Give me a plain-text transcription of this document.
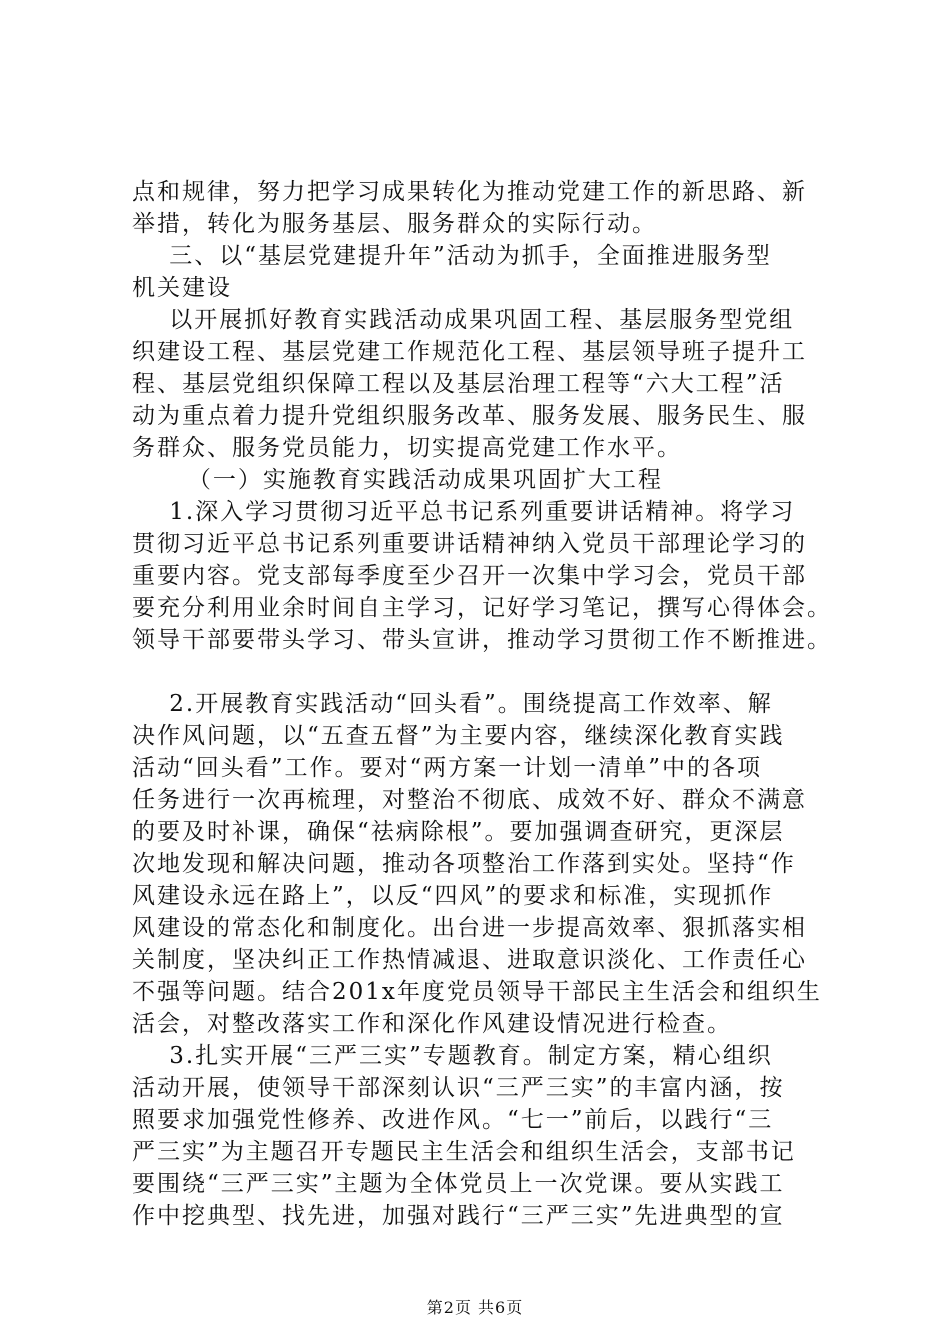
点和规律，努力把学习成果转化为推动党建工作的新思路、新
举措，转化为服务基层、服务群众的实际行动。
三、以“基层党建提升年”活动为抓手，全面推进服务型
机关建设
以开展抓好教育实践活动成果巩固工程、基层服务型党组
织建设工程、基层党建工作规范化工程、基层领导班子提升工
程、基层党组织保障工程以及基层治理工程等“六大工程”活
动为重点着力提升党组织服务改革、服务发展、服务民生、服
务群众、服务党员能力，切实提高党建工作水平。
（一）实施教育实践活动成果巩固扩大工程
1.深入学习贯彻习近平总书记系列重要讲话精神。将学习
贯彻习近平总书记系列重要讲话精神纳入党员干部理论学习的
重要内容。党支部每季度至少召开一次集中学习会，党员干部
要充分利用业余时间自主学习，记好学习笔记，撰写心得体会。
领导干部要带头学习、带头宣讲，推动学习贯彻工作不断推进。
2.开展教育实践活动“回头看”。围绕提高工作效率、解
决作风问题，以“五查五督”为主要内容，继续深化教育实践
活动“回头看”工作。要对“两方案一计划一清单”中的各项
任务进行一次再梳理，对整治不彻底、成效不好、群众不满意
的要及时补课，确保“祛病除根”。要加强调查研究，更深层
次地发现和解决问题，推动各项整治工作落到实处。坚持“作
风建设永远在路上”，以反“四风”的要求和标准，实现抓作
风建设的常态化和制度化。出台进一步提高效率、狠抓落实相
关制度，坚决纠正工作热情减退、进取意识淡化、工作责任心
不强等问题。结合201x年度党员领导干部民主生活会和组织生
活会，对整改落实工作和深化作风建设情况进行检查。
3.扎实开展“三严三实”专题教育。制定方案，精心组织
活动开展，使领导干部深刻认识“三严三实”的丰富内涵，按
照要求加强党性修养、改进作风。“七一”前后，以践行“三
严三实”为主题召开专题民主生活会和组织生活会，支部书记
要围绕“三严三实”主题为全体党员上一次党课。要从实践工
作中挖典型、找先进，加强对践行“三严三实”先进典型的宣
第2页 共6页
